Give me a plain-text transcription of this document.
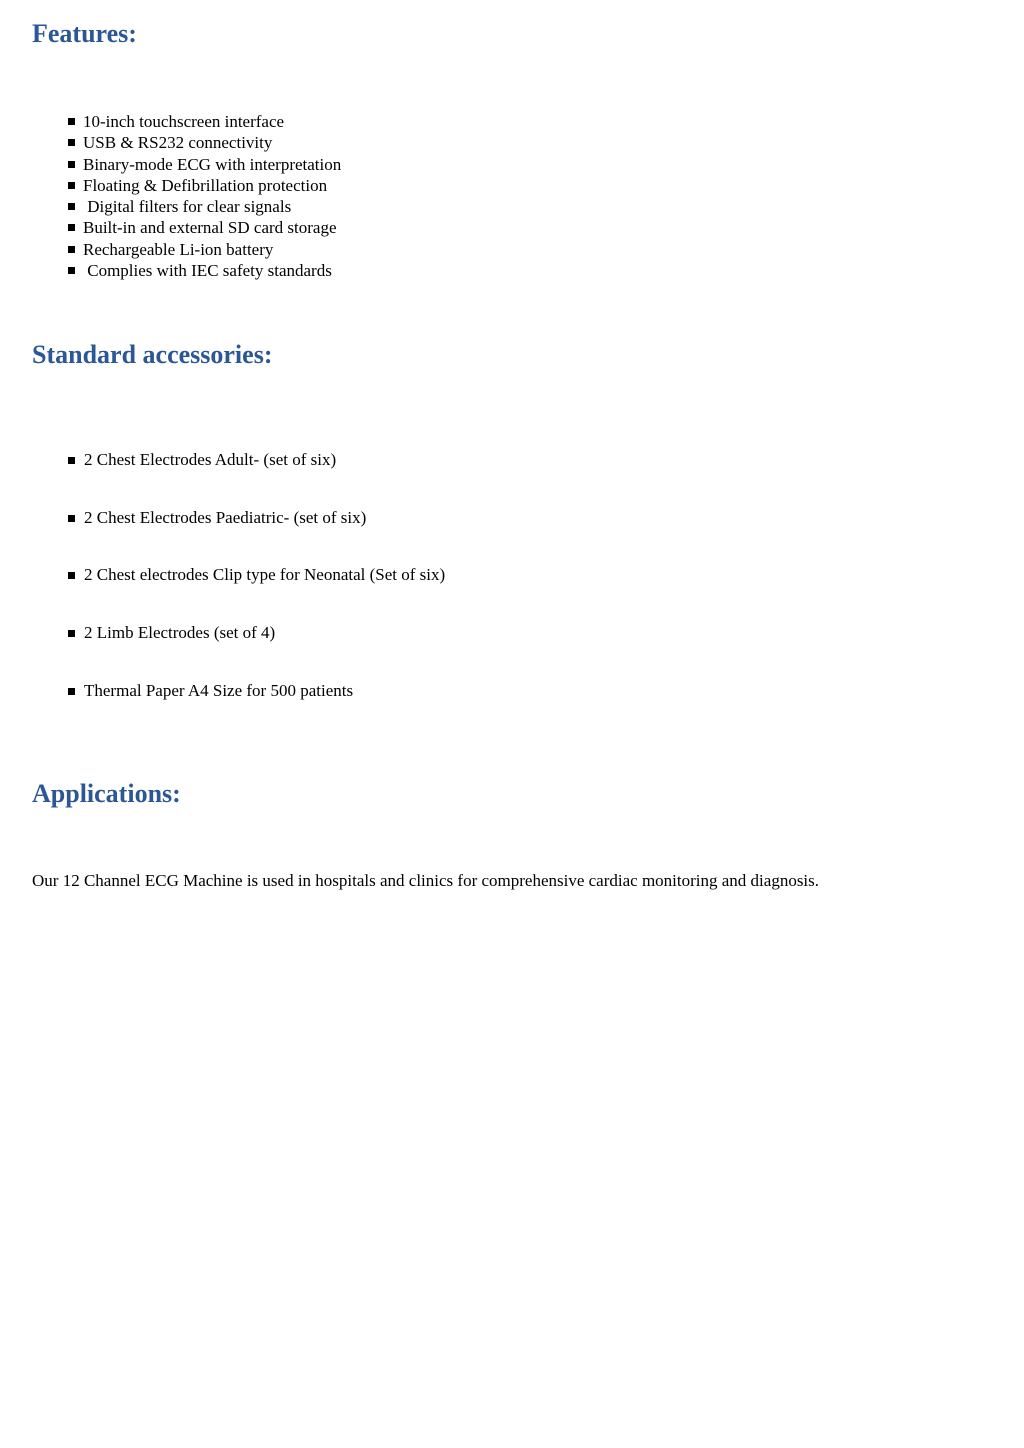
Features:
10-inch touchscreen interface
USB & RS232 connectivity
Binary-mode ECG with interpretation
Floating & Defibrillation protection
Digital filters for clear signals
Built-in and external SD card storage
Rechargeable Li-ion battery
Complies with IEC safety standards
Standard accessories:
2 Chest Electrodes Adult- (set of six)
2 Chest Electrodes Paediatric- (set of six)
2 Chest electrodes Clip type for Neonatal (Set of six)
2 Limb Electrodes (set of 4)
Thermal Paper A4 Size for 500 patients
Applications:

Our 12 Channel ECG Machine is used in hospitals and clinics for comprehensive cardiac monitoring and diagnosis.
